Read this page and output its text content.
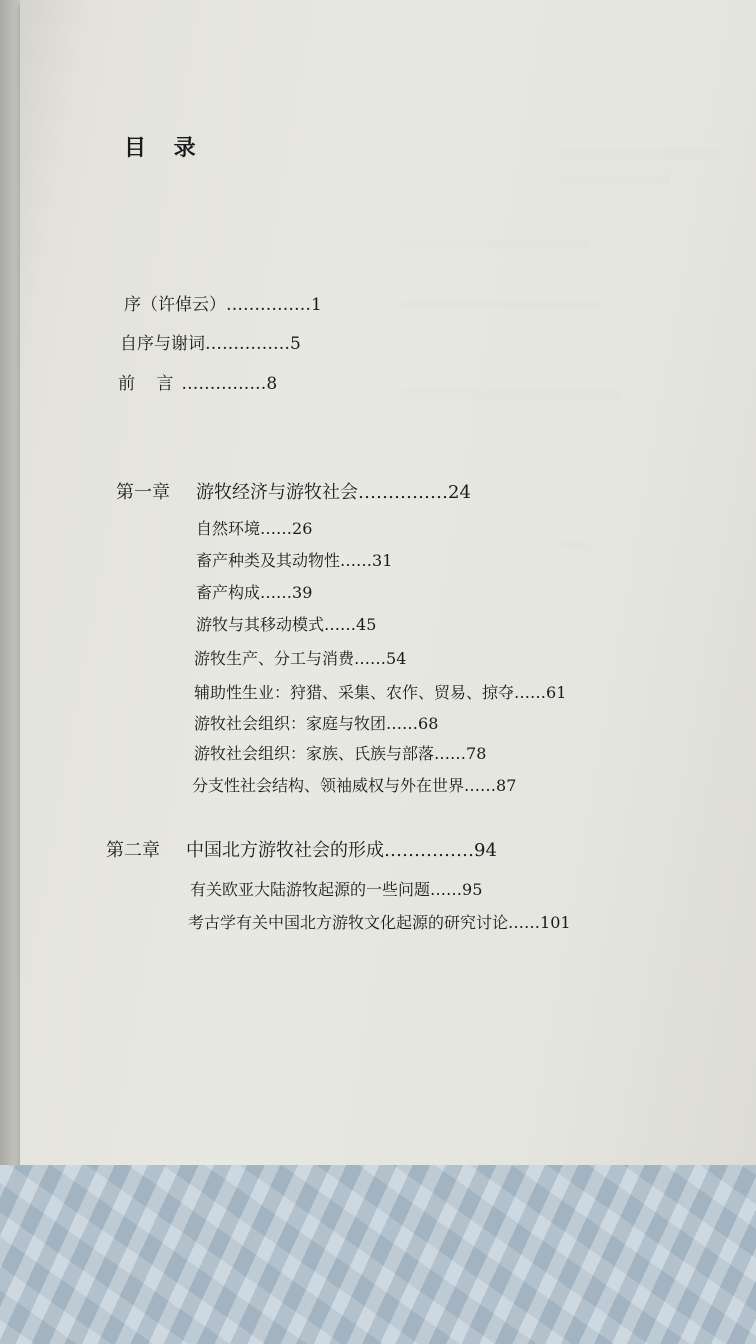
目 录
序（许倬云）……………1
自序与谢词……………5
前 言……………8
第一章 游牧经济与游牧社会……………24
自然环境……26
畜产种类及其动物性……31
畜产构成……39
游牧与其移动模式……45
游牧生产、分工与消费……54
辅助性生业：狩猎、采集、农作、贸易、掠夺……61
游牧社会组织：家庭与牧团……68
游牧社会组织：家族、氏族与部落……78
分支性社会结构、领袖威权与外在世界……87
第二章 中国北方游牧社会的形成……………94
有关欧亚大陆游牧起源的一些问题……95
考古学有关中国北方游牧文化起源的研究讨论……101
